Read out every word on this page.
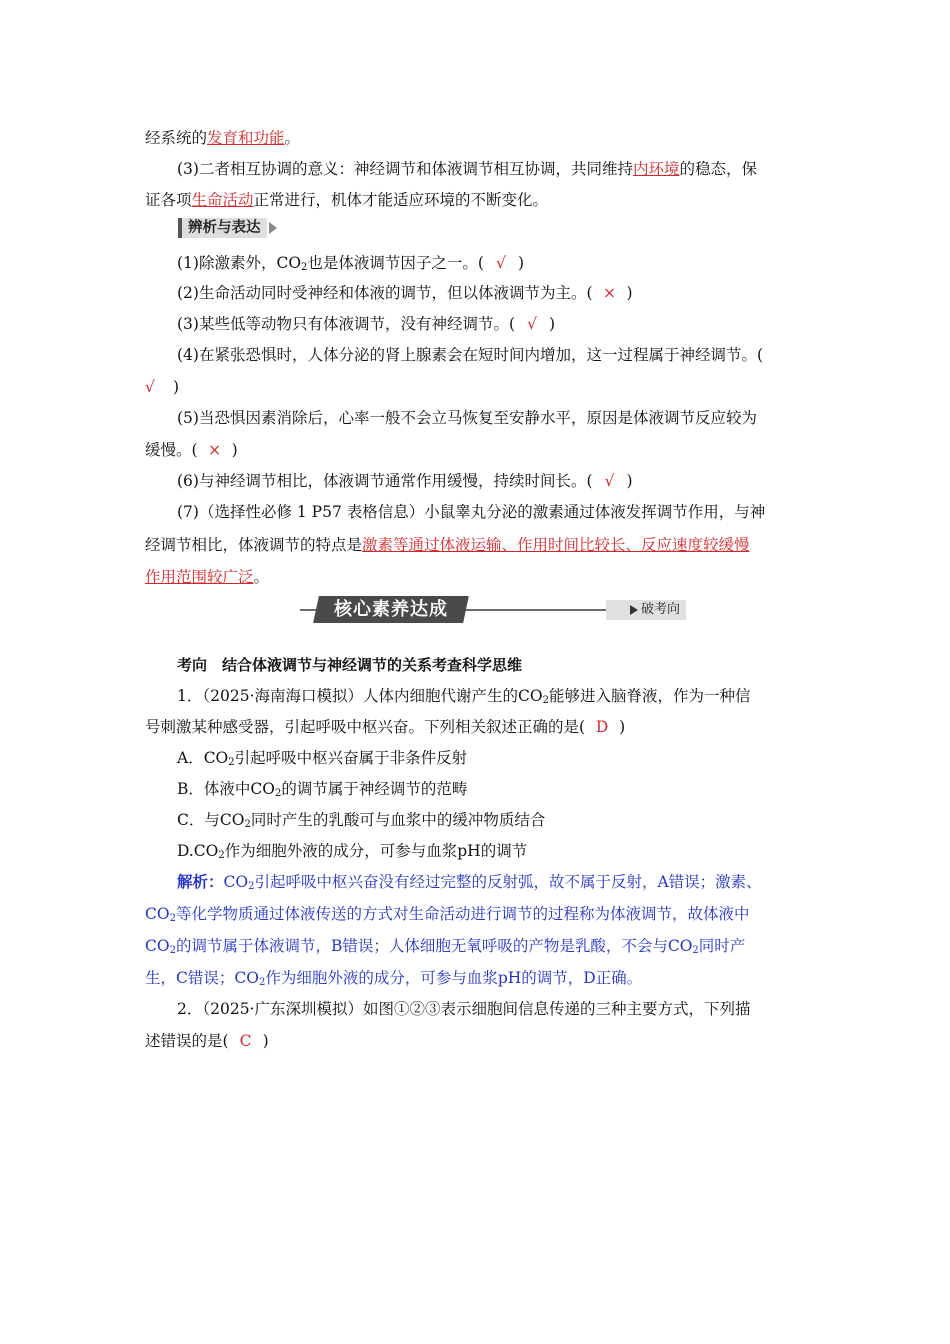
经系统的发育和功能。
(3)二者相互协调的意义：神经调节和体液调节相互协调，共同维持内环境的稳态，保
证各项生命活动正常进行，机体才能适应环境的不断变化。
辨析与表达
(1)除激素外，$CO_2$也是体液调节因子之一。( √ )
(2)生命活动同时受神经和体液的调节，但以体液调节为主。( × )
(3)某些低等动物只有体液调节，没有神经调节。( √ )
(4)在紧张恐惧时，人体分泌的肾上腺素会在短时间内增加，这一过程属于神经调节。(
√ )
(5)当恐惧因素消除后，心率一般不会立马恢复至安静水平，原因是体液调节反应较为
缓慢。( × )
(6)与神经调节相比，体液调节通常作用缓慢，持续时间长。( √ )
(7)（选择性必修 1 P57 表格信息）小鼠睾丸分泌的激素通过体液发挥调节作用，与神
经调节相比，体液调节的特点是激素等通过体液运输、作用时间比较长、反应速度较缓慢
作用范围较广泛。
核心素养达成	破考向
考向　结合体液调节与神经调节的关系考查科学思维
1．（2025·海南海口模拟）人体内细胞代谢产生的$CO_2$能够进入脑脊液，作为一种信
号刺激某种感受器，引起呼吸中枢兴奋。下列相关叙述正确的是( D )
A．$CO_2$引起呼吸中枢兴奋属于非条件反射
B．体液中$CO_2$的调节属于神经调节的范畴
C．与$CO_2$同时产生的乳酸可与血浆中的缓冲物质结合
$D.CO_2$作为细胞外液的成分，可参与血浆pH的调节
解析：$CO_2$引起呼吸中枢兴奋没有经过完整的反射弧，故不属于反射，A错误；激素、
$CO_2$等化学物质通过体液传送的方式对生命活动进行调节的过程称为体液调节，故体液中
$CO_2$的调节属于体液调节，B错误；人体细胞无氧呼吸的产物是乳酸，不会与$CO_2$同时产
生，C错误；$CO_2$作为细胞外液的成分，可参与血浆pH的调节，D正确。
2．（2025·广东深圳模拟）如图①②③表示细胞间信息传递的三种主要方式，下列描
述错误的是( C )
